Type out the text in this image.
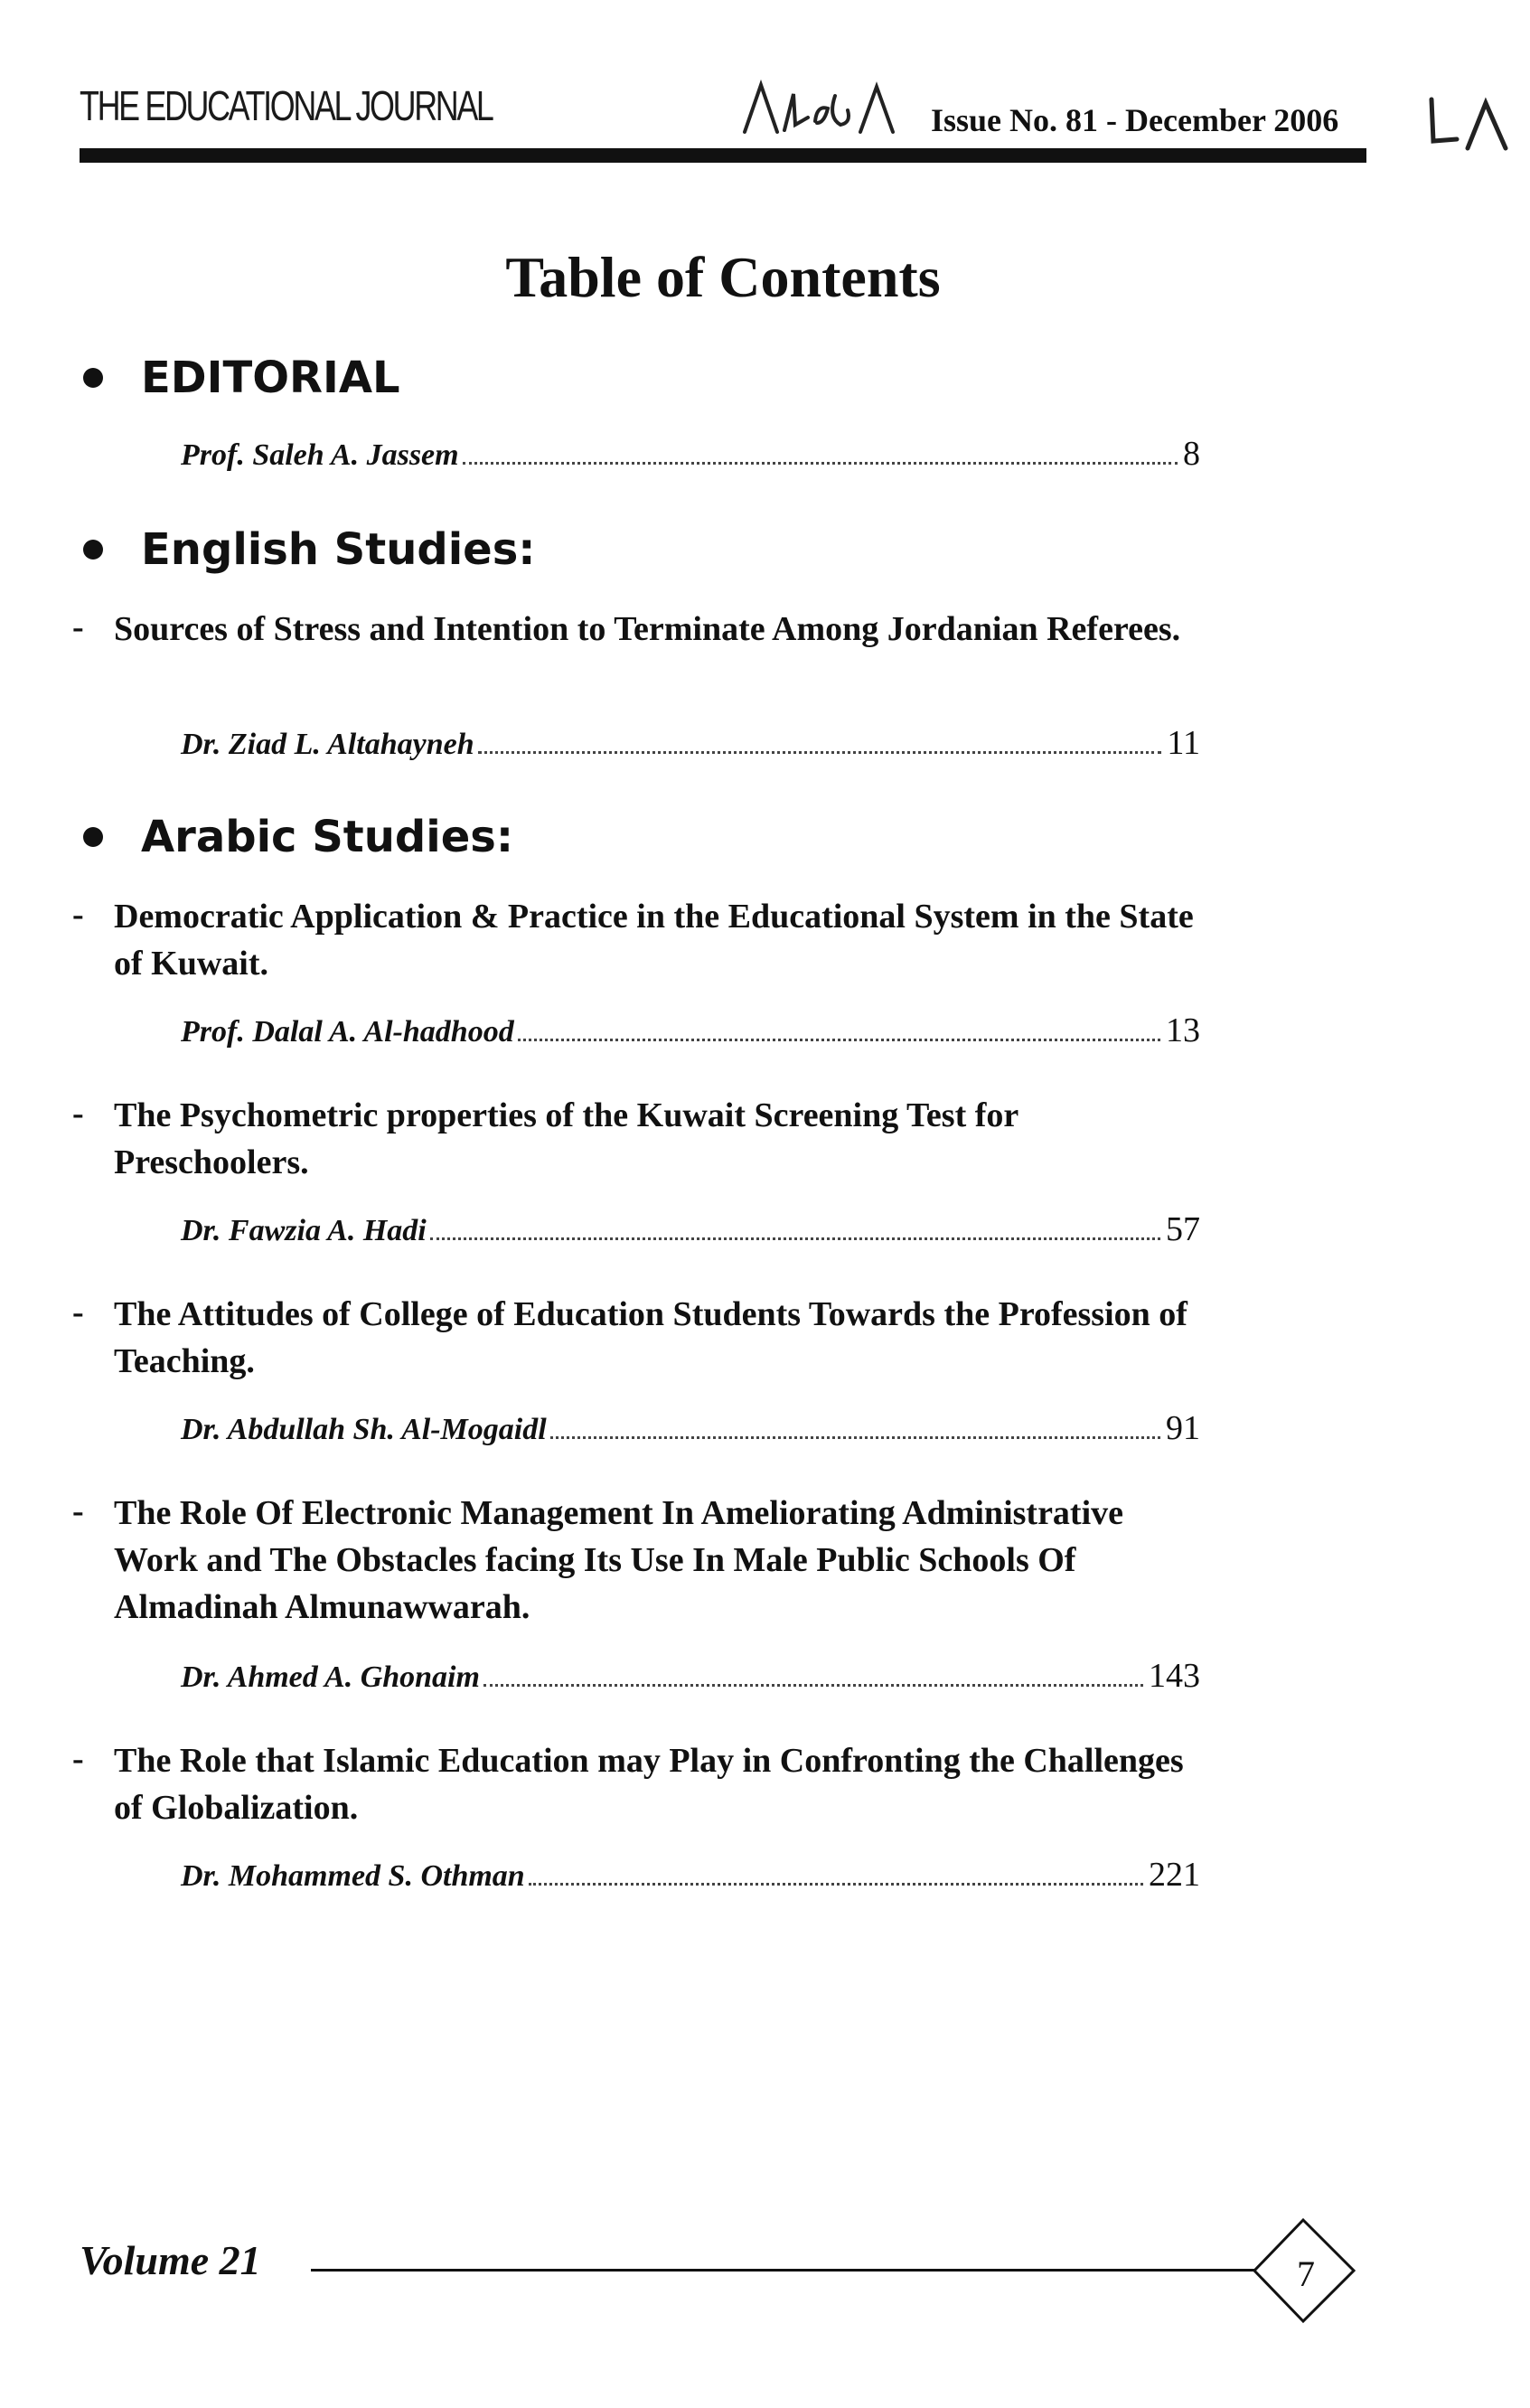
THE EDUCATIONAL JOURNAL	Issue No. 81 - December 2006
Table of Contents
EDITORIAL
Prof. Saleh A. Jassem	8
English Studies:
- Sources of Stress and Intention to Terminate Among Jordanian Referees.
Dr. Ziad L. Altahayneh	11
Arabic Studies:
- Democratic Application & Practice in the Educational System in the State of Kuwait.
Prof. Dalal A. Al-hadhood	13
- The Psychometric properties of the Kuwait Screening Test for Preschoolers.
Dr. Fawzia A. Hadi	57
- The Attitudes of College of Education Students Towards the Profession of Teaching.
Dr. Abdullah Sh. Al-Mogaidl	91
- The Role Of Electronic Management In Ameliorating Administrative Work and The Obstacles facing Its Use In Male Public Schools Of Almadinah Almunawwarah.
Dr. Ahmed A. Ghonaim	143
- The Role that Islamic Education may Play in Confronting the Challenges of Globalization.
Dr. Mohammed S. Othman	221
Volume 21	7
